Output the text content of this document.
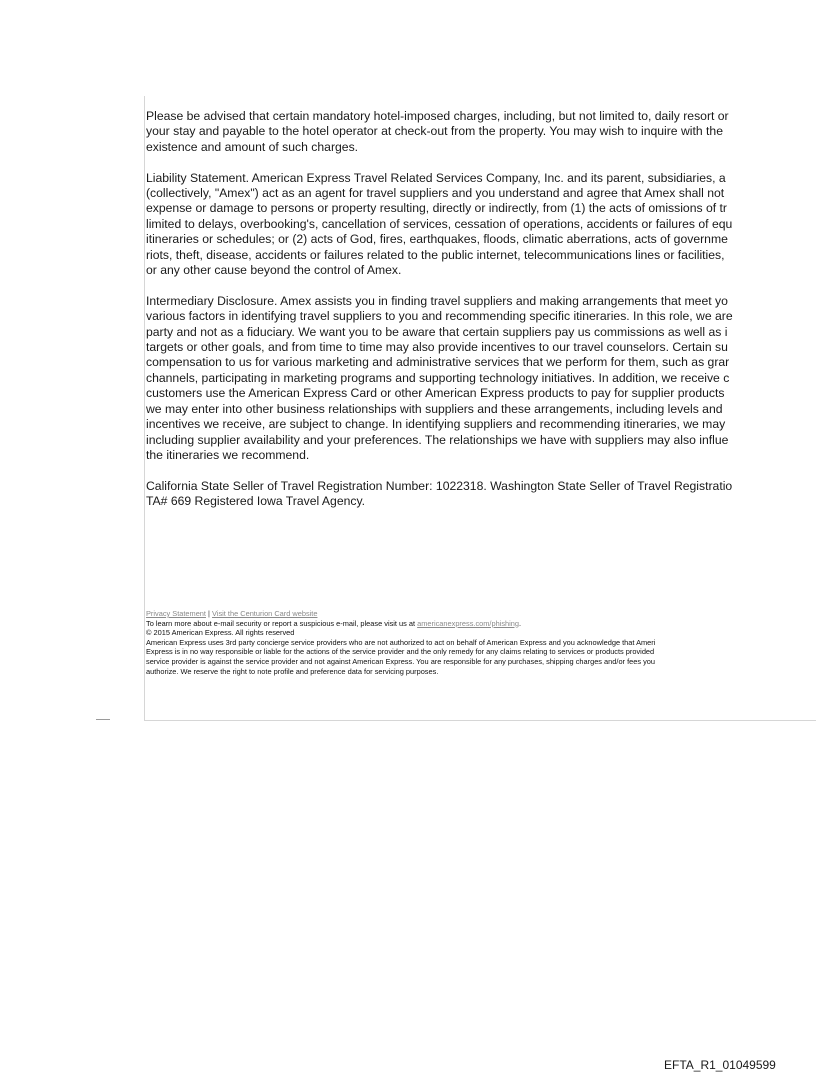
Please be advised that certain mandatory hotel-imposed charges, including, but not limited to, daily resort or
your stay and payable to the hotel operator at check-out from the property. You may wish to inquire with the
existence and amount of such charges.

Liability Statement. American Express Travel Related Services Company, Inc. and its parent, subsidiaries, a
(collectively, "Amex") act as an agent for travel suppliers and you understand and agree that Amex shall not
expense or damage to persons or property resulting, directly or indirectly, from (1) the acts of omissions of tr
limited to delays, overbooking's, cancellation of services, cessation of operations, accidents or failures of equ
itineraries or schedules; or (2) acts of God, fires, earthquakes, floods, climatic aberrations, acts of governme
riots, theft, disease, accidents or failures related to the public internet, telecommunications lines or facilities,
or any other cause beyond the control of Amex.

Intermediary Disclosure. Amex assists you in finding travel suppliers and making arrangements that meet yo
various factors in identifying travel suppliers to you and recommending specific itineraries. In this role, we are
party and not as a fiduciary. We want you to be aware that certain suppliers pay us commissions as well as i
targets or other goals, and from time to time may also provide incentives to our travel counselors. Certain su
compensation to us for various marketing and administrative services that we perform for them, such as grar
channels, participating in marketing programs and supporting technology initiatives. In addition, we receive c
customers use the American Express Card or other American Express products to pay for supplier products
we may enter into other business relationships with suppliers and these arrangements, including levels and
incentives we receive, are subject to change. In identifying suppliers and recommending itineraries, we may
including supplier availability and your preferences. The relationships we have with suppliers may also influe
the itineraries we recommend.

California State Seller of Travel Registration Number: 1022318. Washington State Seller of Travel Registratio
TA# 669 Registered Iowa Travel Agency.

Privacy Statement | Visit the Centurion Card website
To learn more about e-mail security or report a suspicious e-mail, please visit us at americanexpress.com/phishing.
© 2015 American Express. All rights reserved
American Express uses 3rd party concierge service providers who are not authorized to act on behalf of American Express and you acknowledge that Ameri
Express is in no way responsible or liable for the actions of the service provider and the only remedy for any claims relating to services or products provided
service provider is against the service provider and not against American Express. You are responsible for any purchases, shipping charges and/or fees you
authorize. We reserve the right to note profile and preference data for servicing purposes.
EFTA_R1_01049599
